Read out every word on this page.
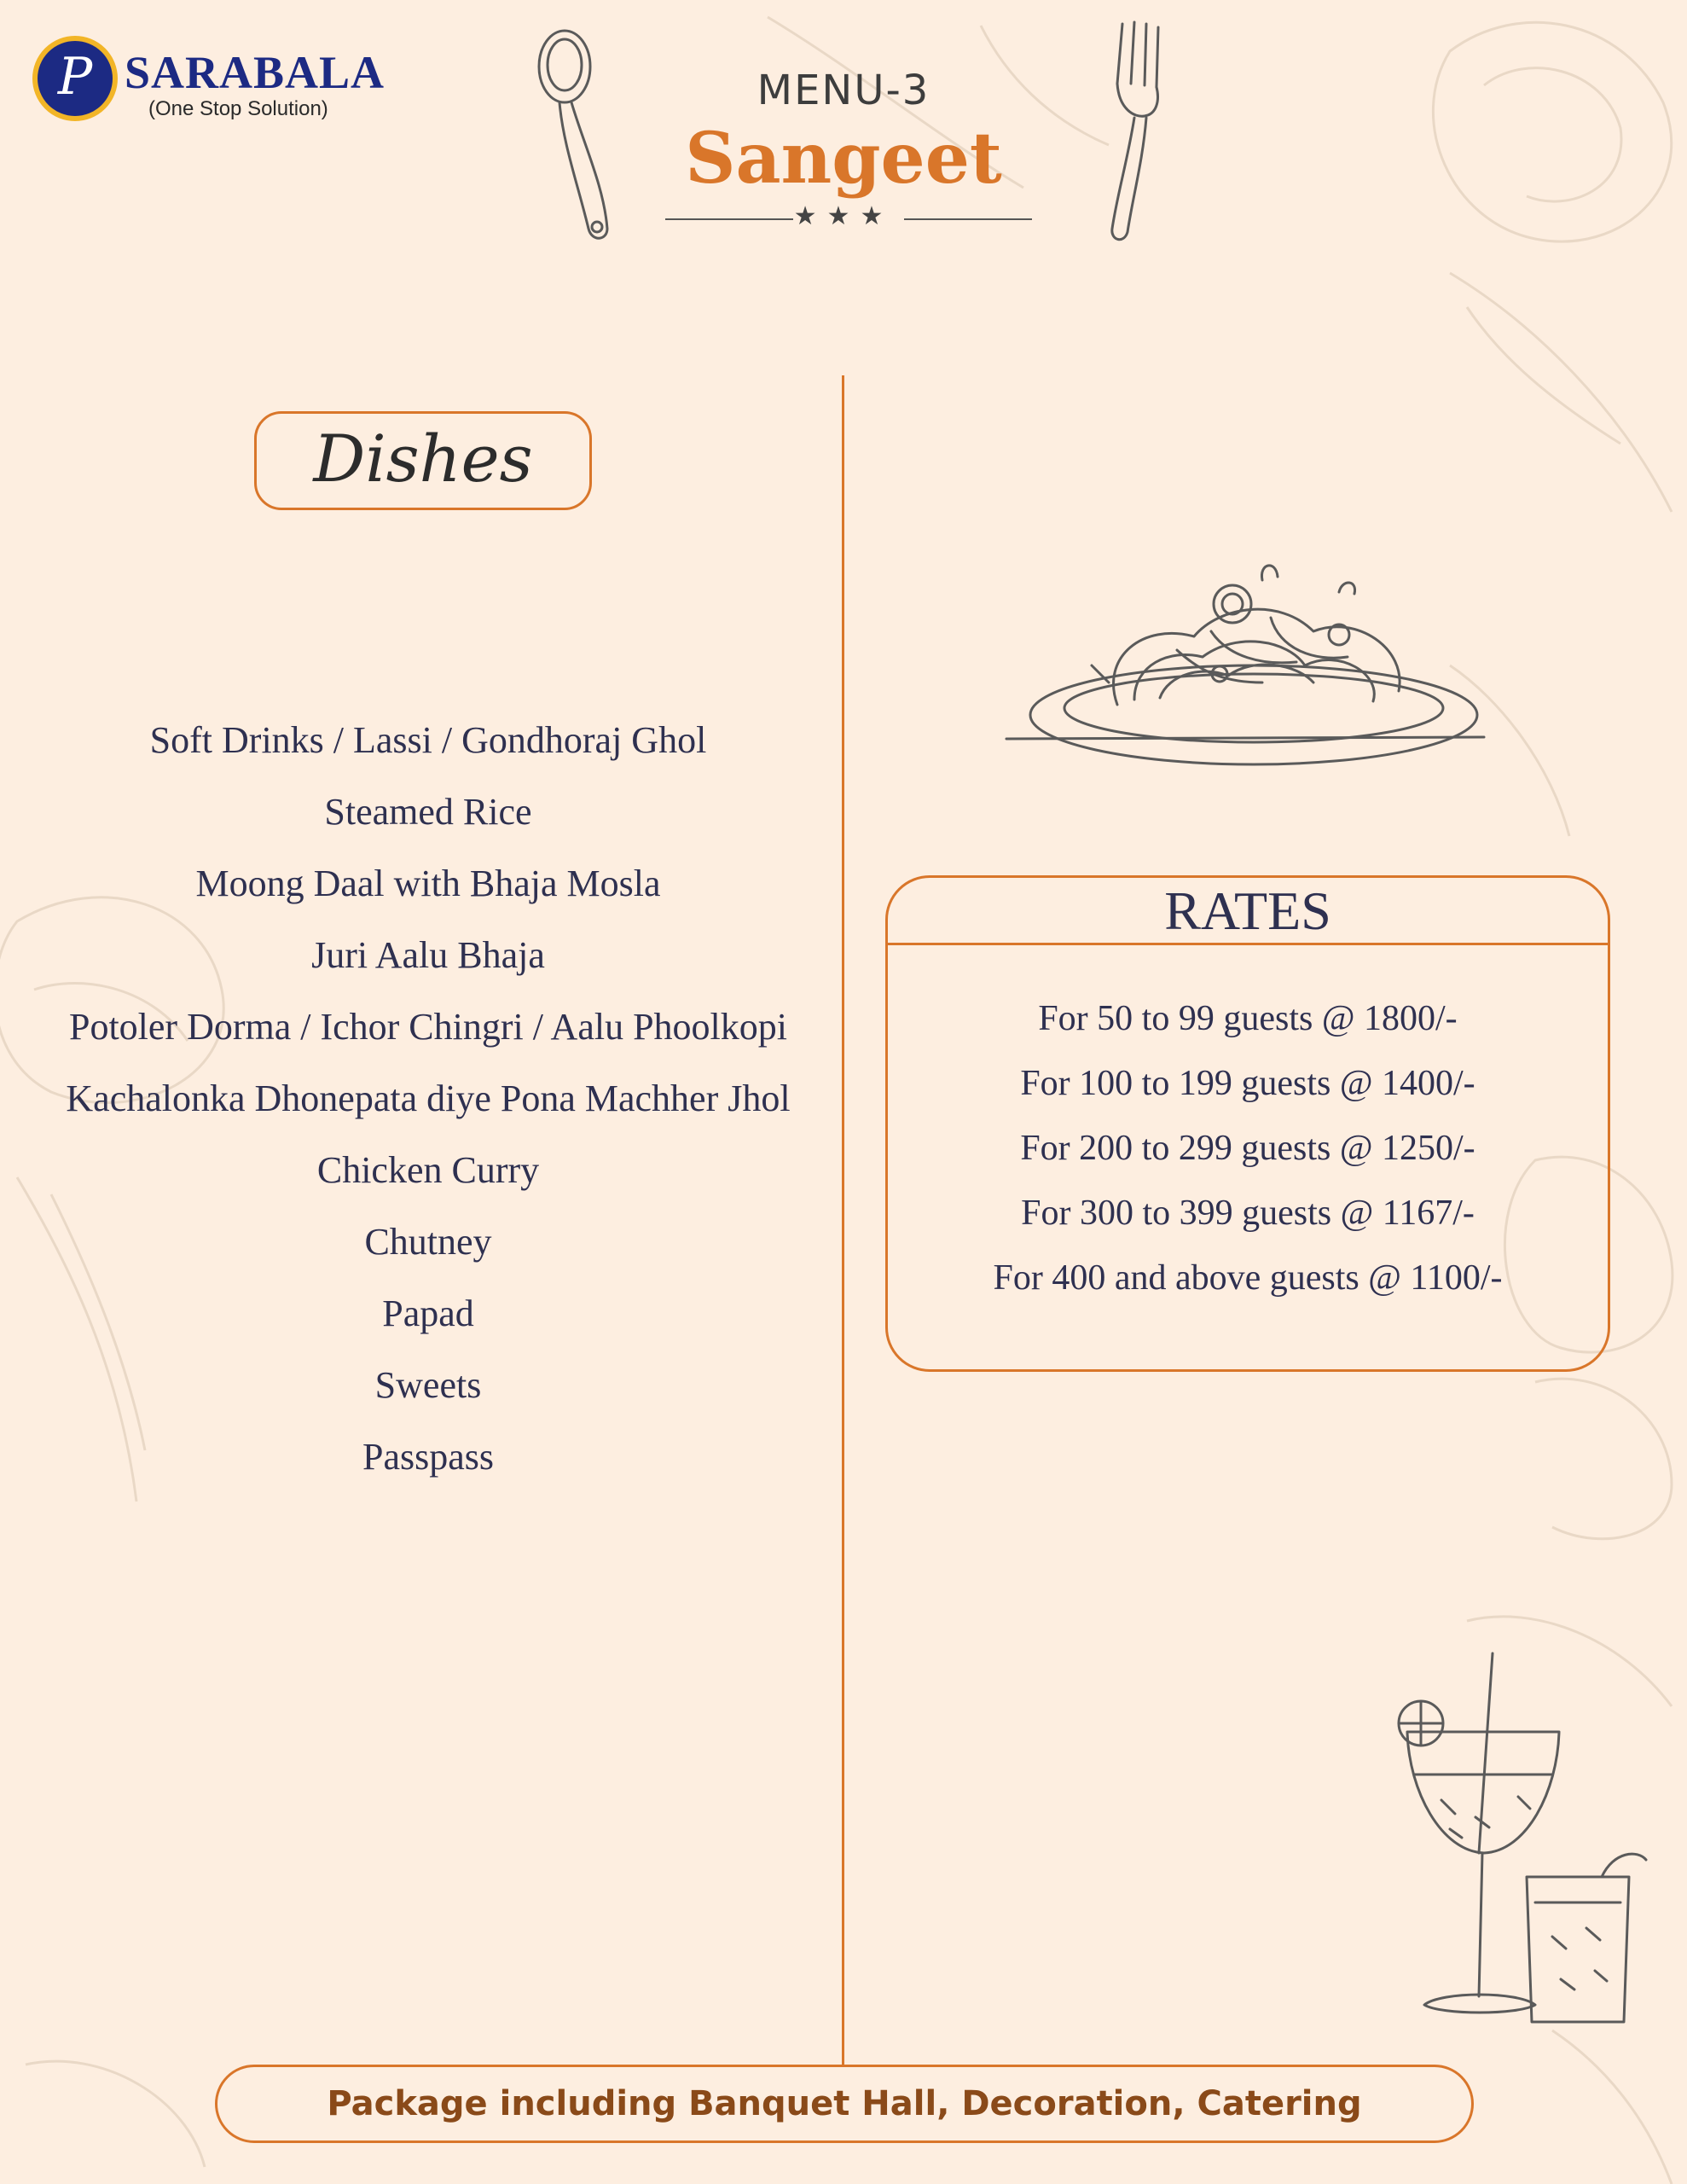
P SARABALA
(One Stop Solution)	MENU-3
Sangeet
★★★
Dishes
Soft Drinks / Lassi / Gondhoraj Ghol
Steamed Rice
Moong Daal with Bhaja Mosla
Juri Aalu Bhaja
Potoler Dorma / Ichor Chingri / Aalu Phoolkopi
Kachalonka Dhonepata diye Pona Machher Jhol
Chicken Curry
Chutney
Papad
Sweets
Passpass
RATES
For 50 to 99 guests @ 1800/-
For 100 to 199 guests @ 1400/-
For 200 to 299 guests @ 1250/-
For 300 to 399 guests @ 1167/-
For 400 and above guests @ 1100/-
Package including Banquet Hall, Decoration, Catering
